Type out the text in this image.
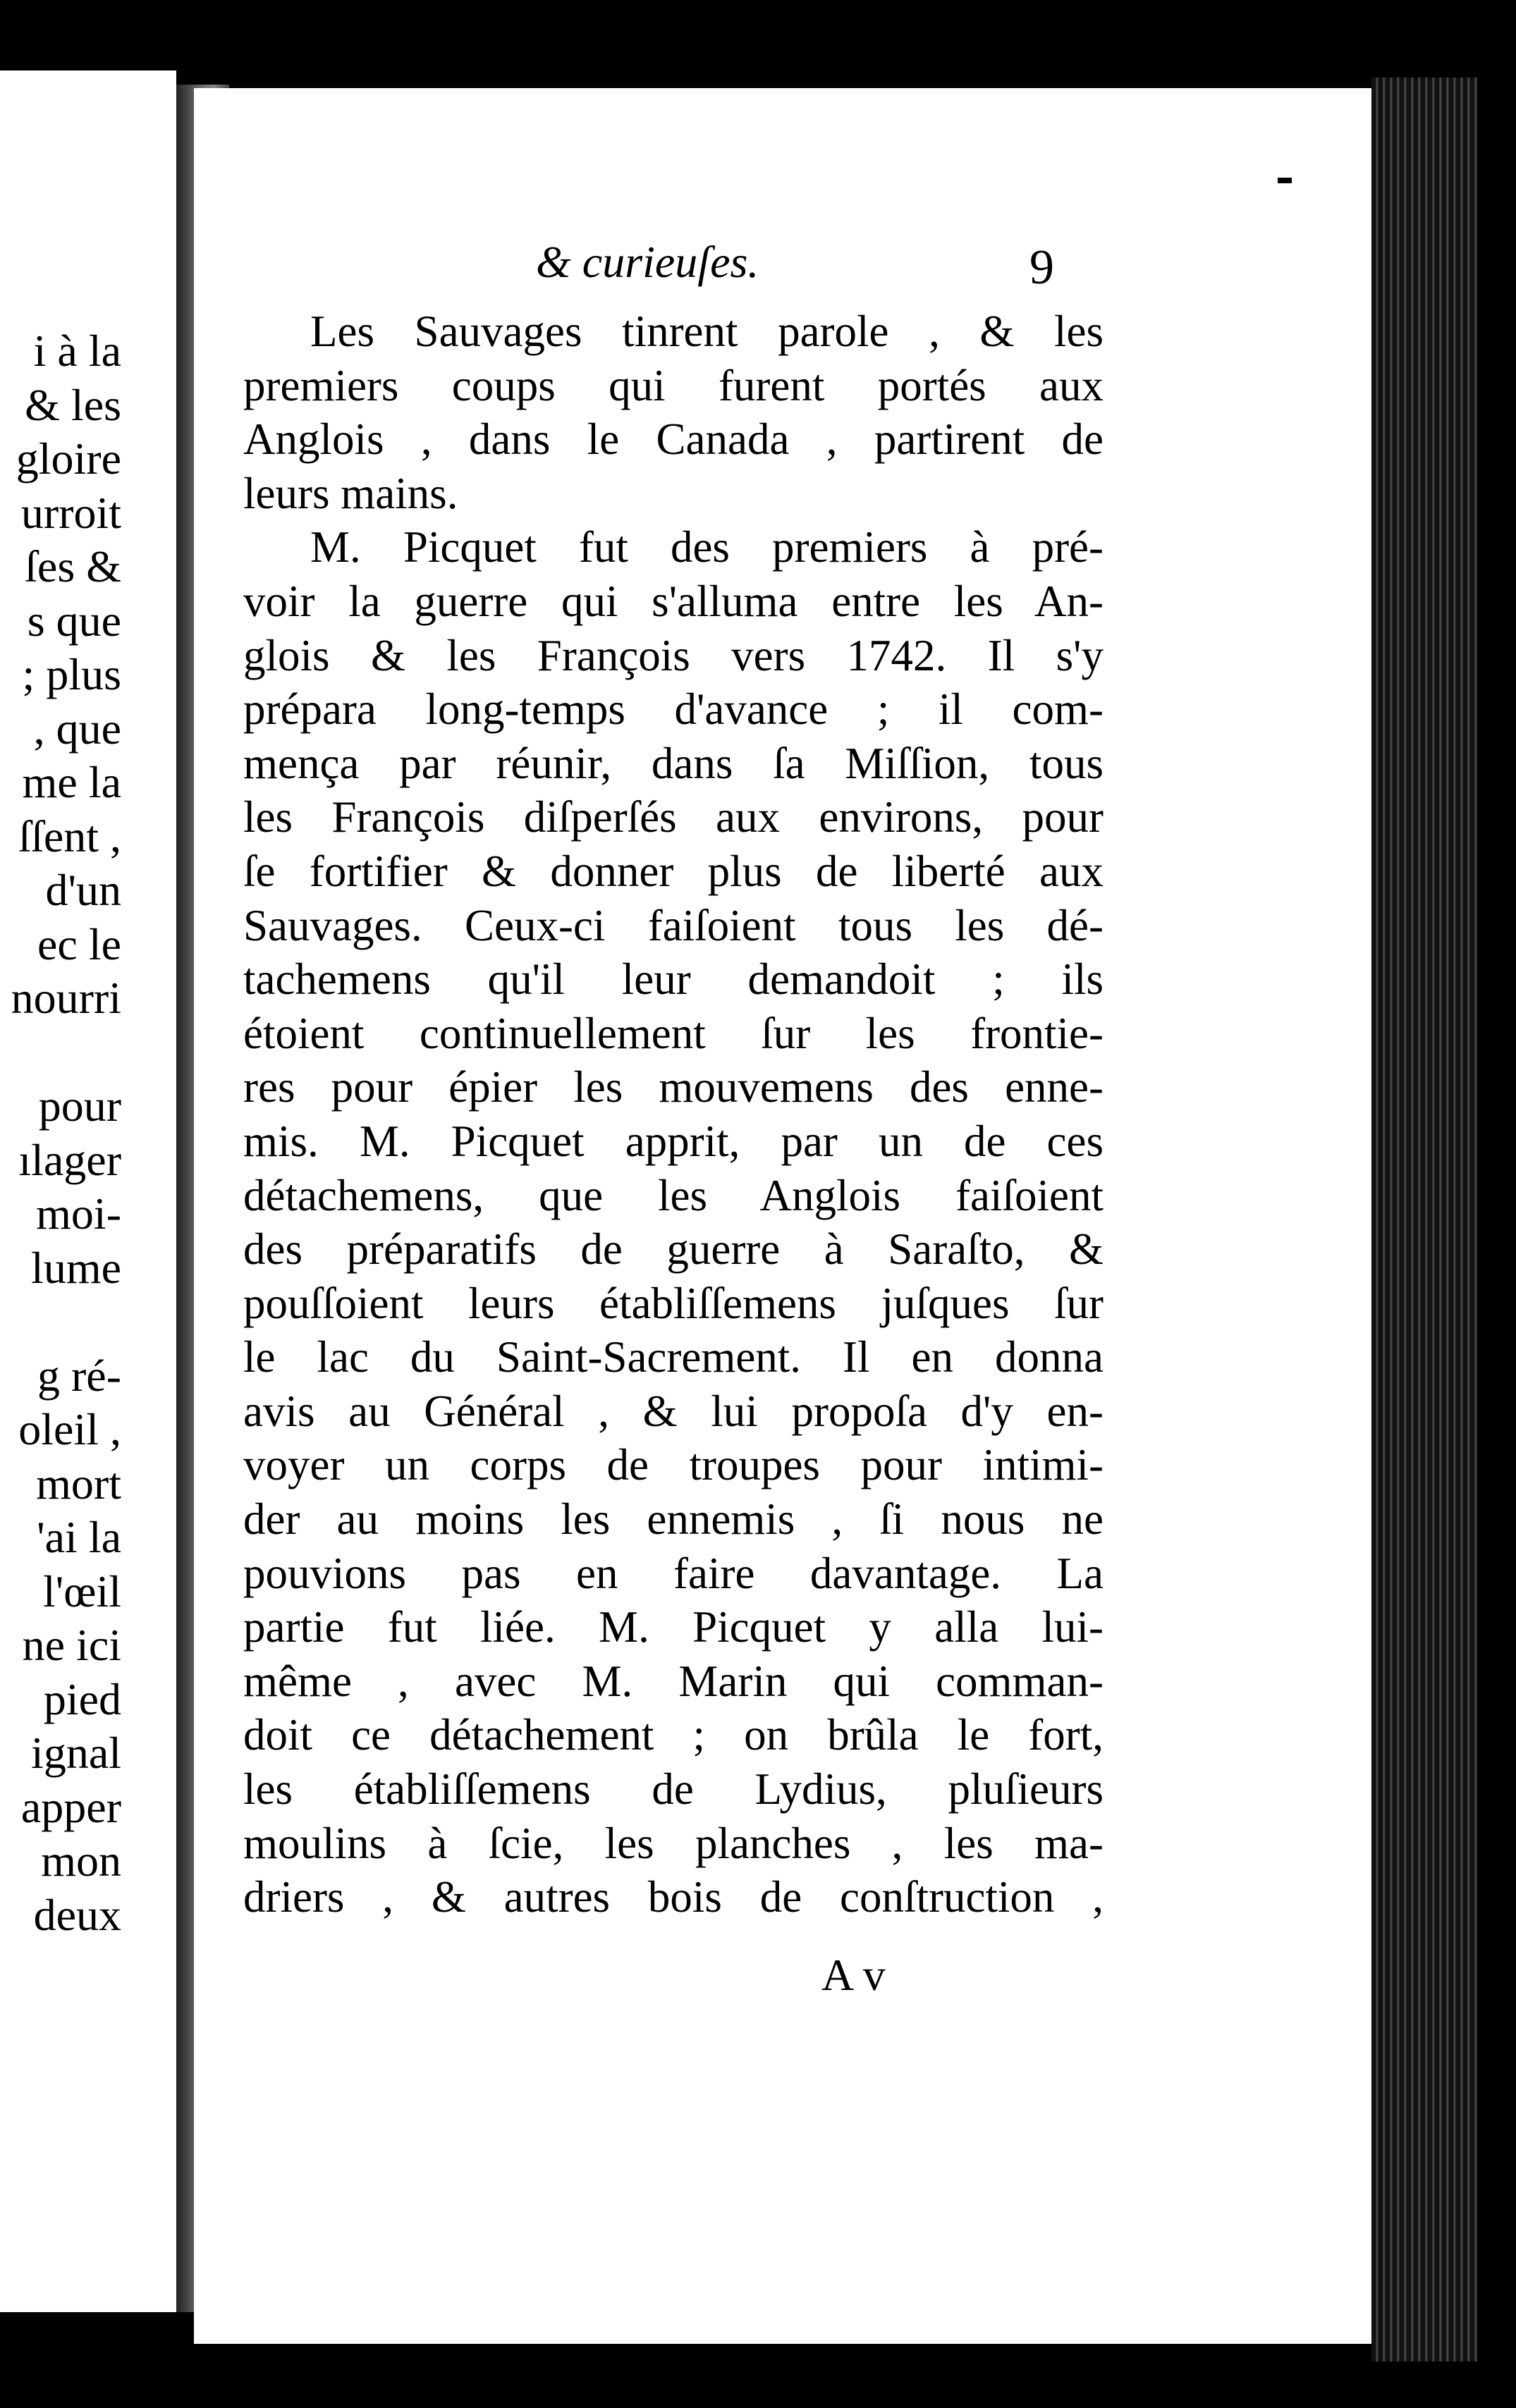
i à la
& les
gloire
urroit
ſes &
s que
; plus
, que
me la
ſſent ,
d'un
ec le
nourri
pour
ılager
moi-
lume
g ré-
oleil ,
mort
'ai la
l'œil
ne ici
pied
ignal
apper
mon
deux
& curieuſes.	9
Les Sauvages tinrent parole , & les
premiers coups qui furent portés aux
Anglois , dans le Canada , partirent de
leurs mains.
M. Picquet fut des premiers à pré-
voir la guerre qui s'alluma entre les An-
glois & les François vers 1742. Il s'y
prépara long-temps d'avance ; il com-
mença par réunir, dans ſa Miſſion, tous
les François diſperſés aux environs, pour
ſe fortifier & donner plus de liberté aux
Sauvages. Ceux-ci faiſoient tous les dé-
tachemens qu'il leur demandoit ; ils
étoient continuellement ſur les frontie-
res pour épier les mouvemens des enne-
mis. M. Picquet apprit, par un de ces
détachemens, que les Anglois faiſoient
des préparatifs de guerre à Saraſto, &
pouſſoient leurs établiſſemens juſques ſur
le lac du Saint-Sacrement. Il en donna
avis au Général , & lui propoſa d'y en-
voyer un corps de troupes pour intimi-
der au moins les ennemis , ſi nous ne
pouvions pas en faire davantage. La
partie fut liée. M. Picquet y alla lui-
même , avec M. Marin qui comman-
doit ce détachement ; on brûla le fort,
les établiſſemens de Lydius, pluſieurs
moulins à ſcie, les planches , les ma-
driers , & autres bois de conſtruction ,
A v
